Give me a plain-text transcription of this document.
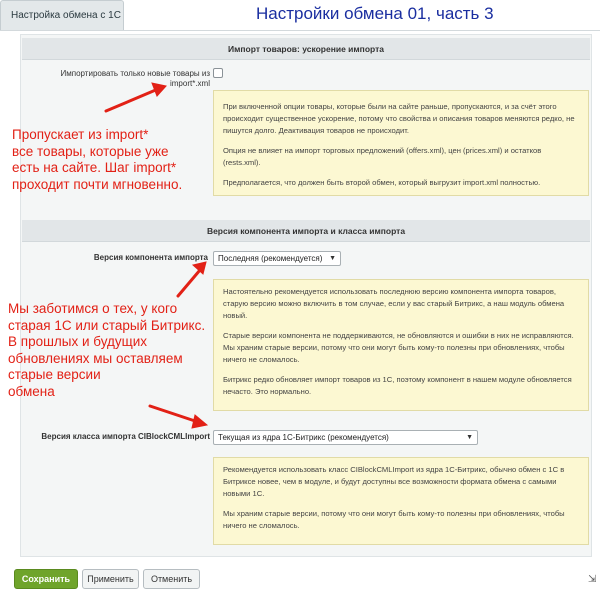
Настройка обмена с 1С	Настройки обмена 01, часть 3
Импорт товаров: ускорение импорта
Импортировать только новые товары из
import*.xml

При включенной опции товары, которые были на сайте раньше, пропускаются, и за счёт этого происходит существенное ускорение, потому что свойства и описания товаров меняются редко, не пишутся долго. Деактивация товаров не происходит.

Опция не влияет на импорт торговых предложений (offers.xml), цен (prices.xml) и остатков (rests.xml).

Предполагается, что должен быть второй обмен, который выгрузит import.xml полностью.

Версия компонента импорта и класса импорта
Версия компонента импорта	Последняя (рекомендуется) ▼

Настоятельно рекомендуется использовать последнюю версию компонента импорта товаров, старую версию можно включить в том случае, если у вас старый Битрикс, а наш модуль обмена новый.

Старые версии компонента не поддерживаются, не обновляются и ошибки в них не исправляются. Мы храним старые версии, потому что они могут быть кому-то полезны при обновлениях, чтобы ничего не сломалось.

Битрикс редко обновляет импорт товаров из 1С, поэтому компонент в нашем модуле обновляется нечасто. Это нормально.

Версия класса импорта CIBlockCMLImport	Текущая из ядра 1С-Битрикс (рекомендуется)	▼

Рекомендуется использовать класс CIBlockCMLImport из ядра 1С-Битрикс, обычно обмен с 1С в Битриксе новее, чем в модуле, и будут доступны все возможности формата обмена с самыми новыми 1С.

Мы храним старые версии, потому что они могут быть кому-то полезны при обновлениях, чтобы ничего не сломалось.

Пропускает из import*
все товары, которые уже
есть на сайте. Шаг import*
проходит почти мгновенно.
Мы заботимся о тех, у кого
старая 1С или старый Битрикс.
В прошлых и будущих
обновлениях мы оставляем
старые версии
обмена
Сохранить	Применить	Отменить	⇲
